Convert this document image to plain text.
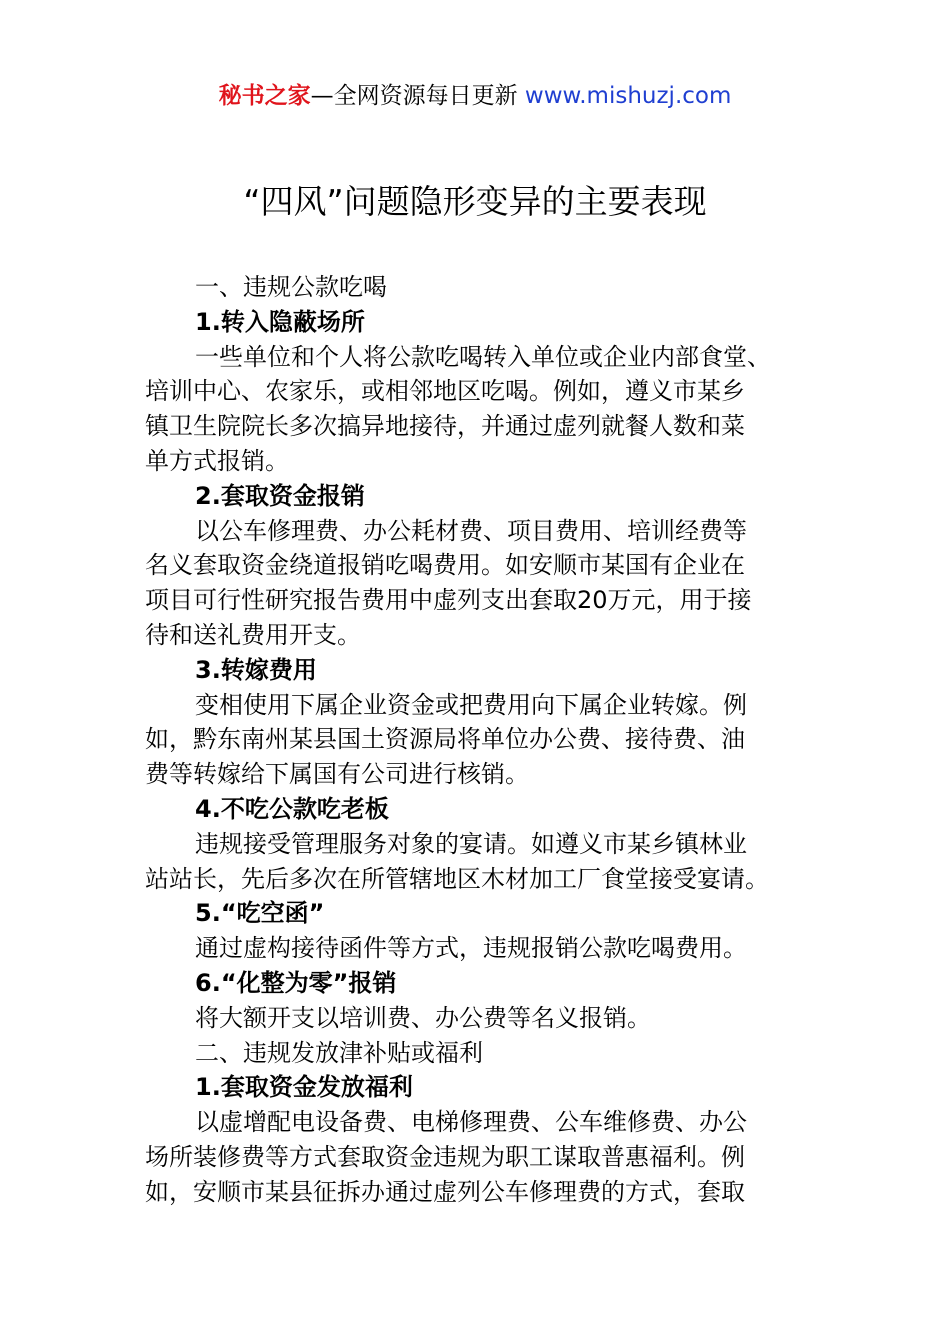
秘书之家—全网资源每日更新 www.mishuzj.com
“四风”问题隐形变异的主要表现
一、违规公款吃喝
1.转入隐蔽场所
一些单位和个人将公款吃喝转入单位或企业内部食堂、
培训中心、农家乐，或相邻地区吃喝。例如，遵义市某乡
镇卫生院院长多次搞异地接待，并通过虚列就餐人数和菜
单方式报销。
2.套取资金报销
以公车修理费、办公耗材费、项目费用、培训经费等
名义套取资金绕道报销吃喝费用。如安顺市某国有企业在
项目可行性研究报告费用中虚列支出套取20万元，用于接
待和送礼费用开支。
3.转嫁费用
变相使用下属企业资金或把费用向下属企业转嫁。例
如，黔东南州某县国土资源局将单位办公费、接待费、油
费等转嫁给下属国有公司进行核销。
4.不吃公款吃老板
违规接受管理服务对象的宴请。如遵义市某乡镇林业
站站长，先后多次在所管辖地区木材加工厂食堂接受宴请。
5.“吃空函”
通过虚构接待函件等方式，违规报销公款吃喝费用。
6.“化整为零”报销
将大额开支以培训费、办公费等名义报销。
二、违规发放津补贴或福利
1.套取资金发放福利
以虚增配电设备费、电梯修理费、公车维修费、办公
场所装修费等方式套取资金违规为职工谋取普惠福利。例
如，安顺市某县征拆办通过虚列公车修理费的方式，套取
